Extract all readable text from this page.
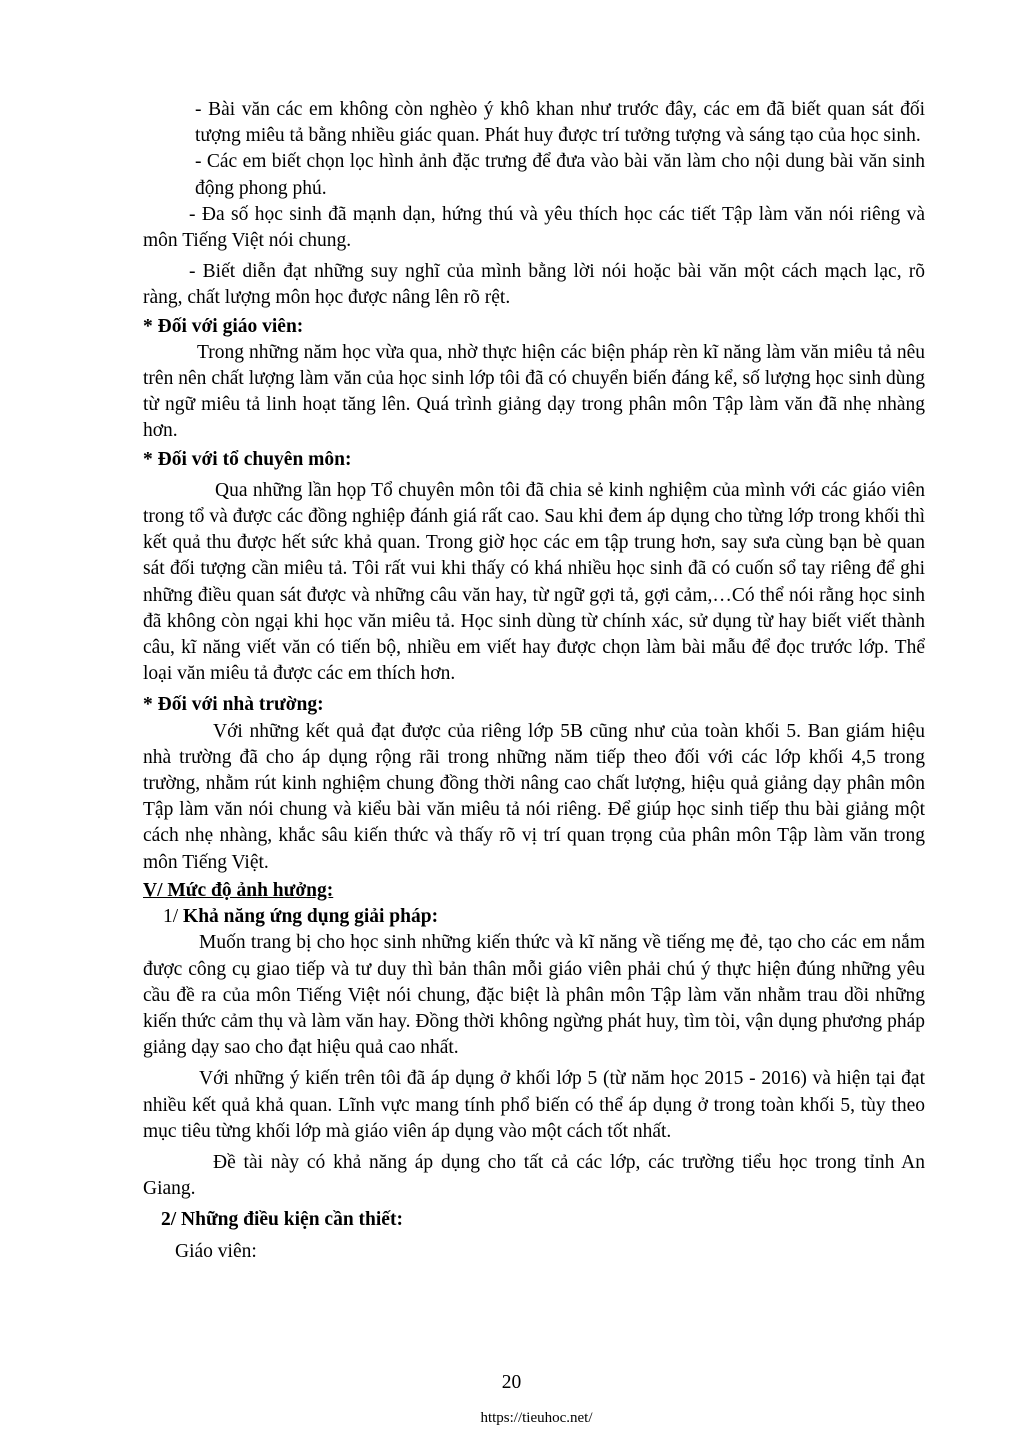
- Bài văn các em không còn nghèo ý khô khan như trước đây, các em đã biết quan sát đối tượng miêu tả bằng nhiều giác quan. Phát huy được trí tưởng tượng và sáng tạo của học sinh.

- Các em biết chọn lọc hình ảnh đặc trưng để đưa vào bài văn làm cho nội dung bài văn sinh động phong phú.

- Đa số học sinh đã mạnh dạn, hứng thú và yêu thích học các tiết Tập làm văn nói riêng và môn Tiếng Việt nói chung.

- Biết diễn đạt những suy nghĩ của mình bằng lời nói hoặc bài văn một cách mạch lạc, rõ ràng, chất lượng môn học được nâng lên rõ rệt.

* Đối với giáo viên:

Trong những năm học vừa qua, nhờ thực hiện các biện pháp rèn kĩ năng làm văn miêu tả nêu trên nên chất lượng làm văn của học sinh lớp tôi đã có chuyển biến đáng kể, số lượng học sinh dùng từ ngữ miêu tả linh hoạt tăng lên. Quá trình giảng dạy trong phân môn Tập làm văn đã nhẹ nhàng hơn.

* Đối với tổ chuyên môn:

Qua những lần họp Tổ chuyên môn tôi đã chia sẻ kinh nghiệm của mình với các giáo viên trong tổ và được các đồng nghiệp đánh giá rất cao. Sau khi đem áp dụng cho từng lớp trong khối thì kết quả thu được hết sức khả quan. Trong giờ học các em tập trung hơn, say sưa cùng bạn bè quan sát đối tượng cần miêu tả. Tôi rất vui khi thấy có khá nhiều học sinh đã có cuốn sổ tay riêng để ghi những điều quan sát được và những câu văn hay, từ ngữ gợi tả, gợi cảm,…Có thể nói rằng học sinh đã không còn ngại khi học văn miêu tả. Học sinh dùng từ chính xác, sử dụng từ hay biết viết thành câu, kĩ năng viết văn có tiến bộ, nhiều em viết hay được chọn làm bài mẫu để đọc trước lớp. Thể loại văn miêu tả được các em thích hơn.

* Đối với nhà trường:

Với những kết quả đạt được của riêng lớp 5B cũng như của toàn khối 5. Ban giám hiệu nhà trường đã cho áp dụng rộng rãi trong những năm tiếp theo đối với các lớp khối 4,5 trong trường, nhằm rút kinh nghiệm chung đồng thời nâng cao chất lượng, hiệu quả giảng dạy phân môn Tập làm văn nói chung và kiểu bài văn miêu tả nói riêng. Để giúp học sinh tiếp thu bài giảng một cách nhẹ nhàng, khắc sâu kiến thức và thấy rõ vị trí quan trọng của phân môn Tập làm văn trong môn Tiếng Việt.

V/ Mức độ ảnh hưởng:

1/ Khả năng ứng dụng giải pháp:

Muốn trang bị cho học sinh những kiến thức và kĩ năng về tiếng mẹ đẻ, tạo cho các em nắm được công cụ giao tiếp và tư duy thì bản thân mỗi giáo viên phải chú ý thực hiện đúng những yêu cầu đề ra của môn Tiếng Việt nói chung, đặc biệt là phân môn Tập làm văn nhằm trau dồi những kiến thức cảm thụ và làm văn hay. Đồng thời không ngừng phát huy, tìm tòi, vận dụng phương pháp giảng dạy sao cho đạt hiệu quả cao nhất.

Với những ý kiến trên tôi đã áp dụng ở khối lớp 5 (từ năm học 2015 - 2016) và hiện tại đạt nhiều kết quả khả quan. Lĩnh vực mang tính phổ biến có thể áp dụng ở trong toàn khối 5, tùy theo mục tiêu từng khối lớp mà giáo viên áp dụng vào một cách tốt nhất.

Đề tài này có khả năng áp dụng cho tất cả các lớp, các trường tiểu học trong tỉnh An Giang.

2/ Những điều kiện cần thiết:

Giáo viên:

20
https://tieuhoc.net/
